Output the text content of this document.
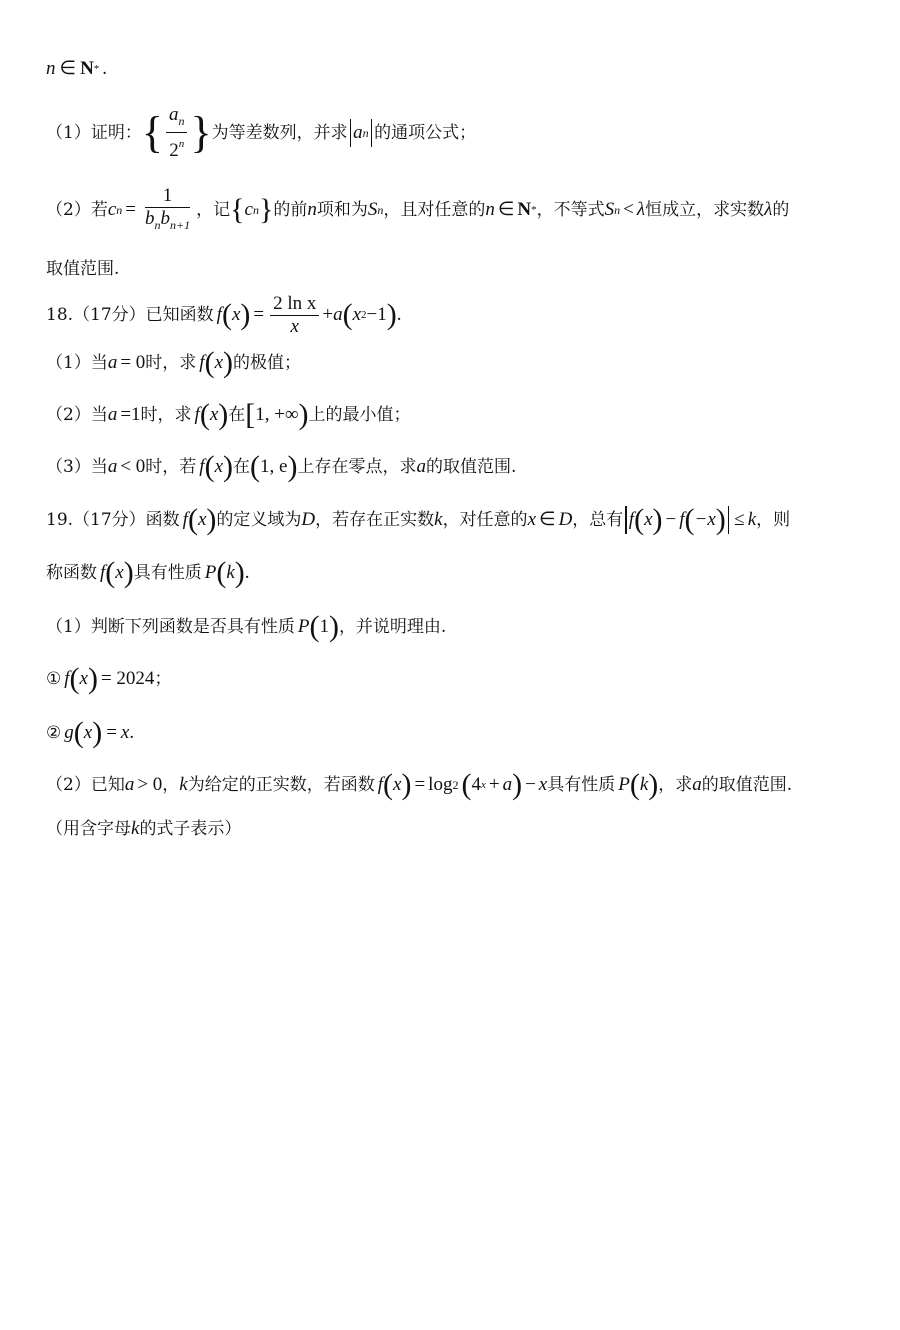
n ∈ N * .
（1）证明： { $\frac{a_n}{2^n}$ } 为等差数列，并求 a n 的通项公式；
（2）若 c $n = \frac{1}{b_nb_{n+1}}$ ，记 { c n } 的前 n 项和为 S n ，且对任意的 n ∈ N * ，不等式 S n < λ 恒成立，求实数 λ 的
取值范围.
18.（17分）已知函数 f ( x ) = $\frac{\text{2 ln x}}{x} + a$ ( x 2 −1 ) .
（1）当 a = 0 时，求 f ( x ) 的极值；
（2）当 a =1 时，求 f ( x ) 在 [ 1, +∞ ) 上的最小值；
（3）当 a < 0 时，若 f ( x ) 在 ( 1, e ) 上存在零点，求 a 的取值范围.
19.（17分）函数 f ( x ) 的定义域为 D ，若存在正实数 k ，对任意的 x ∈ D ，总有 f ( x ) − f ( −x ) ≤ k ，则
称函数 f ( x ) 具有性质 P ( k ) .
（1）判断下列函数是否具有性质 P ( 1 ) ，并说明理由.
① f ( x ) = 2024 ；
② g ( x ) = x .
（2）已知 a > 0 ， k 为给定的正实数，若函数 f ( x ) = log 2 ( 4 x + a ) − x 具有性质 P ( k ) ，求 a 的取值范围.
（用含字母 k 的式子表示）
